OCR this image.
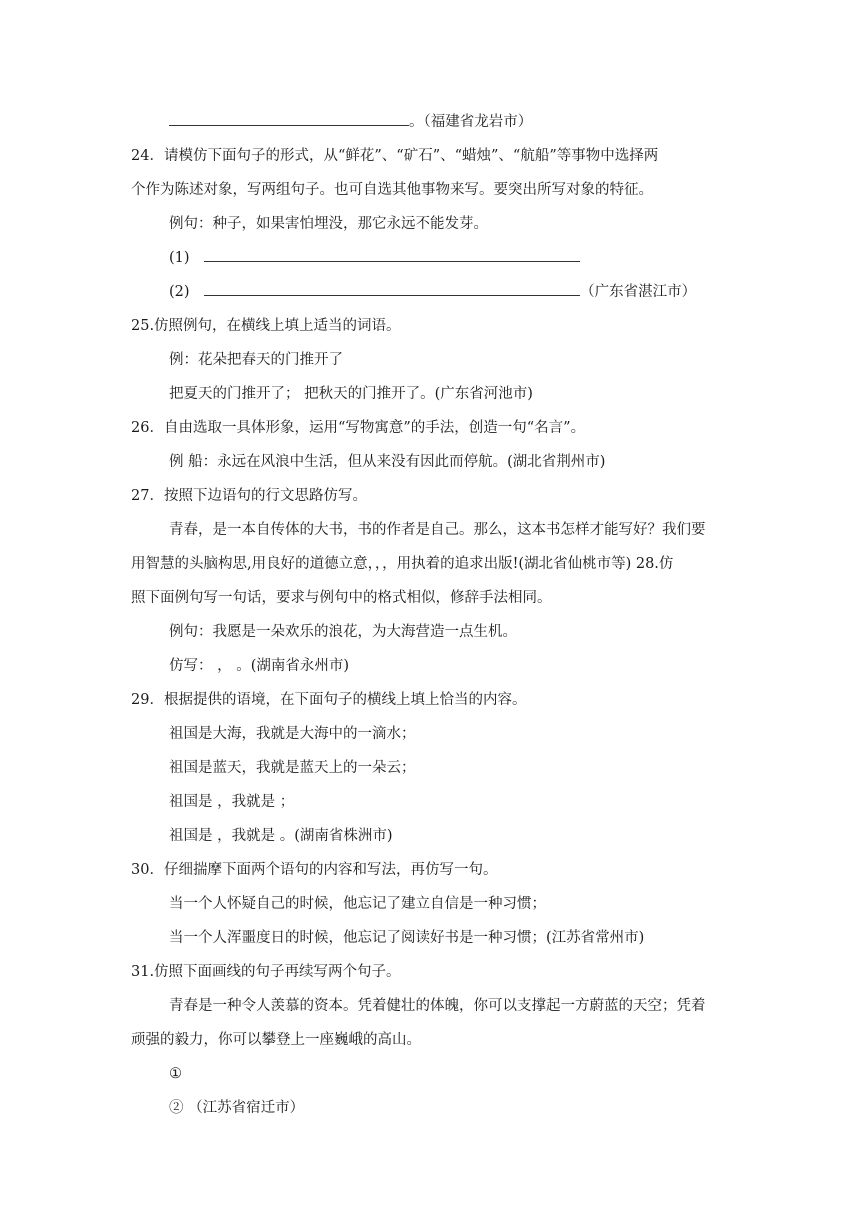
。（福建省龙岩市）
24．请模仿下面句子的形式，从“鲜花”、“矿石”、“蜡烛”、“航船”等事物中选择两
个作为陈述对象，写两组句子。也可自选其他事物来写。要突出所写对象的特征。
例句：种子，如果害怕埋没，那它永远不能发芽。
(1)
(2)	（广东省湛江市）
25.仿照例句，在横线上填上适当的词语。
例：花朵把春天的门推开了
把夏天的门推开了； 把秋天的门推开了。(广东省河池市)
26．自由选取一具体形象，运用“写物寓意”的手法，创造一句“名言”。
例 船：永远在风浪中生活，但从来没有因此而停航。(湖北省荆州市)
27．按照下边语句的行文思路仿写。
青春，是一本自传体的大书，书的作者是自己。那么，这本书怎样才能写好？我们要
用智慧的头脑构思,用良好的道德立意，，，用执着的追求出版!(湖北省仙桃市等) 28.仿
照下面例句写一句话，要求与例句中的格式相似，修辞手法相同。
例句：我愿是一朵欢乐的浪花，为大海营造一点生机。
仿写： ， 。(湖南省永州市)
29．根据提供的语境，在下面句子的横线上填上恰当的内容。
祖国是大海，我就是大海中的一滴水；
祖国是蓝天，我就是蓝天上的一朵云；
祖国是 ，我就是 ；
祖国是 ，我就是 。(湖南省株洲市)
30．仔细揣摩下面两个语句的内容和写法，再仿写一句。
当一个人怀疑自己的时候，他忘记了建立自信是一种习惯；
当一个人浑噩度日的时候，他忘记了阅读好书是一种习惯；(江苏省常州市)
31.仿照下面画线的句子再续写两个句子。
青春是一种令人羡慕的资本。凭着健壮的体魄，你可以支撑起一方蔚蓝的天空；凭着
顽强的毅力，你可以攀登上一座巍峨的高山。
①
② （江苏省宿迁市）
